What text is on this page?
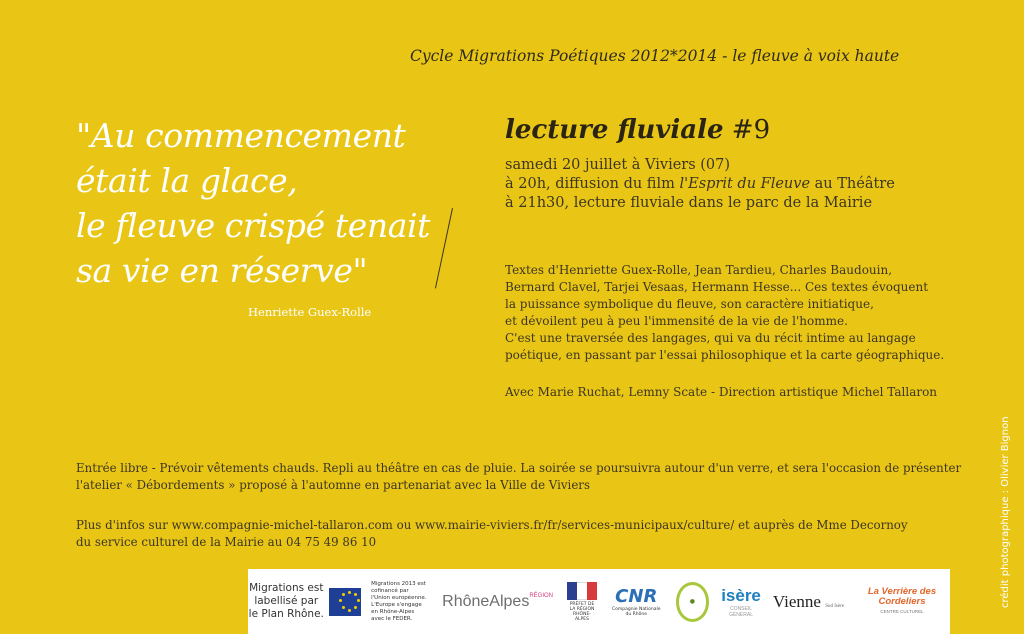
Cycle Migrations Poétiques 2012*2014 - le fleuve à voix haute
"Au commencement
était la glace,
le fleuve crispé tenait
sa vie en réserve"
Henriette Guex-Rolle
lecture fluviale #9
samedi 20 juillet à Viviers (07)
à 20h, diffusion du film l'Esprit du Fleuve au Théâtre
à 21h30, lecture fluviale dans le parc de la Mairie
Textes d'Henriette Guex-Rolle, Jean Tardieu, Charles Baudouin,
Bernard Clavel, Tarjei Vesaas, Hermann Hesse... Ces textes évoquent
la puissance symbolique du fleuve, son caractère initiatique,
et dévoilent peu à peu l'immensité de la vie de l'homme.
C'est une traversée des langages, qui va du récit intime au langage
poétique, en passant par l'essai philosophique et la carte géographique.
Avec Marie Ruchat, Lemny Scate - Direction artistique Michel Tallaron
Entrée libre - Prévoir vêtements chauds. Repli au théâtre en cas de pluie. La soirée se poursuivra autour d'un verre, et sera l'occasion de présenter
l'atelier « Débordements » proposé à l'automne en partenariat avec la Ville de Viviers
Plus d'infos sur www.compagnie-michel-tallaron.com ou www.mairie-viviers.fr/fr/services-municipaux/culture/ et auprès de Mme Decornoy
du service culturel de la Mairie au 04 75 49 86 10	crédit photographique : Olivier Bignon
Migrations est labellisé par le Plan Rhône.
Migrations 2013 est cofinancé par l'Union européenne. L'Europe s'engage en Rhône-Alpes avec le FEDER.
RhôneAlpes$^{RÉGION}$
PRÉFET DE LA RÉGION RHÔNE-ALPES
CNR
Compagnie Nationale du Rhône
● isère
CONSEIL GÉNÉRAL
Vienne Sud Isère
La Verrière des Cordeliers
CENTRE CULTUREL
